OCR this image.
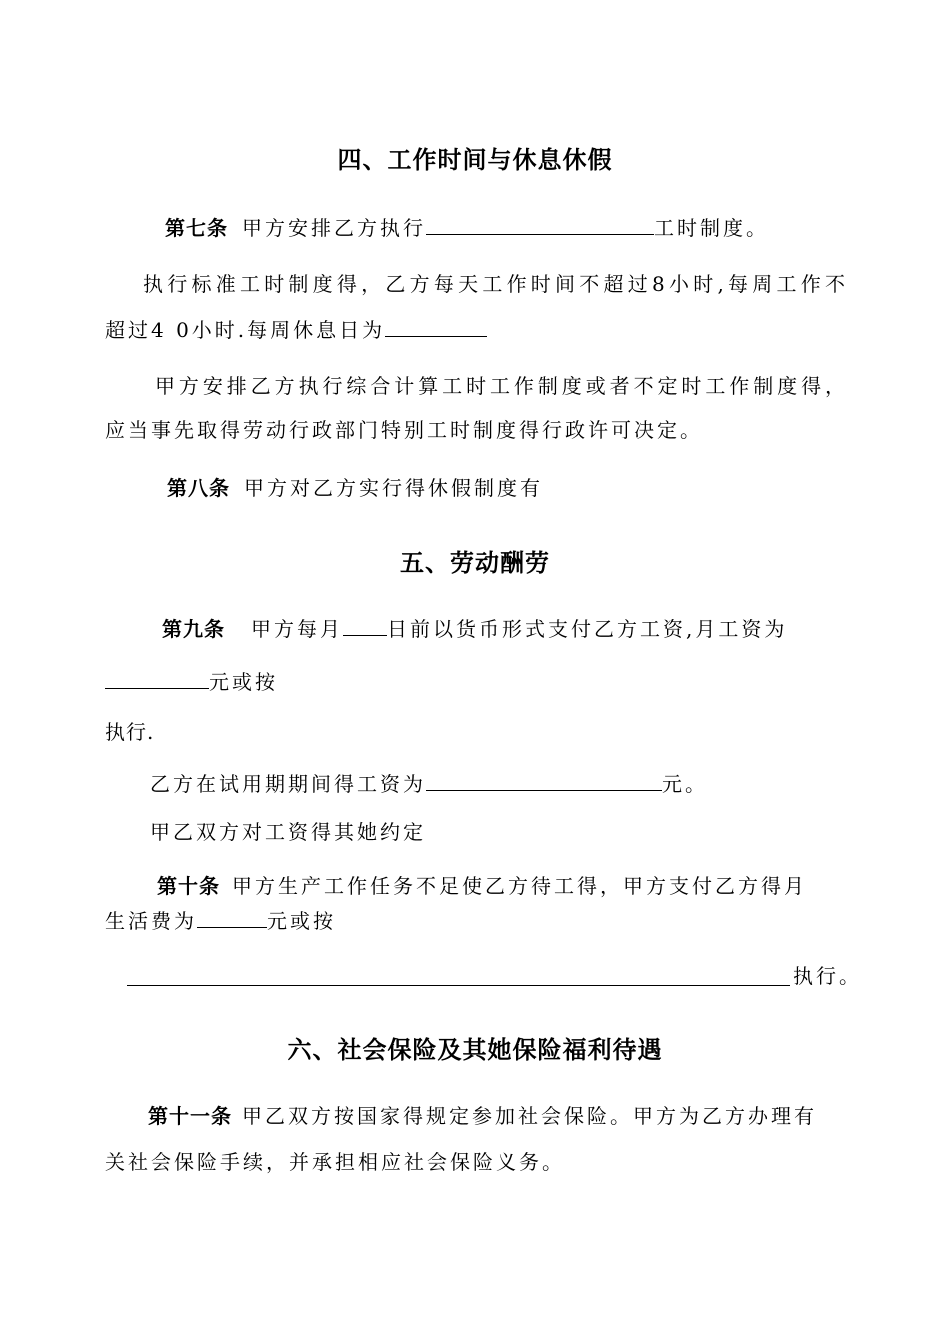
四、工作时间与休息休假
第七条 甲方安排乙方执行	工时制度。
执行标准工时制度得，乙方每天工作时间不超过8小时,每周工作不
超过4 0小时.每周休息日为
甲方安排乙方执行综合计算工时工作制度或者不定时工作制度得，
应当事先取得劳动行政部门特别工时制度得行政许可决定。
第八条 甲方对乙方实行得休假制度有
五、劳动酬劳
第九条 甲方每月 日前以货币形式支付乙方工资,月工资为
元或按
执行.
乙方在试用期期间得工资为	元。
甲乙双方对工资得其她约定
第十条 甲方生产工作任务不足使乙方待工得，甲方支付乙方得月
生活费为	元或按
执行。
六、社会保险及其她保险福利待遇
第十一条 甲乙双方按国家得规定参加社会保险。甲方为乙方办理有
关社会保险手续，并承担相应社会保险义务。
